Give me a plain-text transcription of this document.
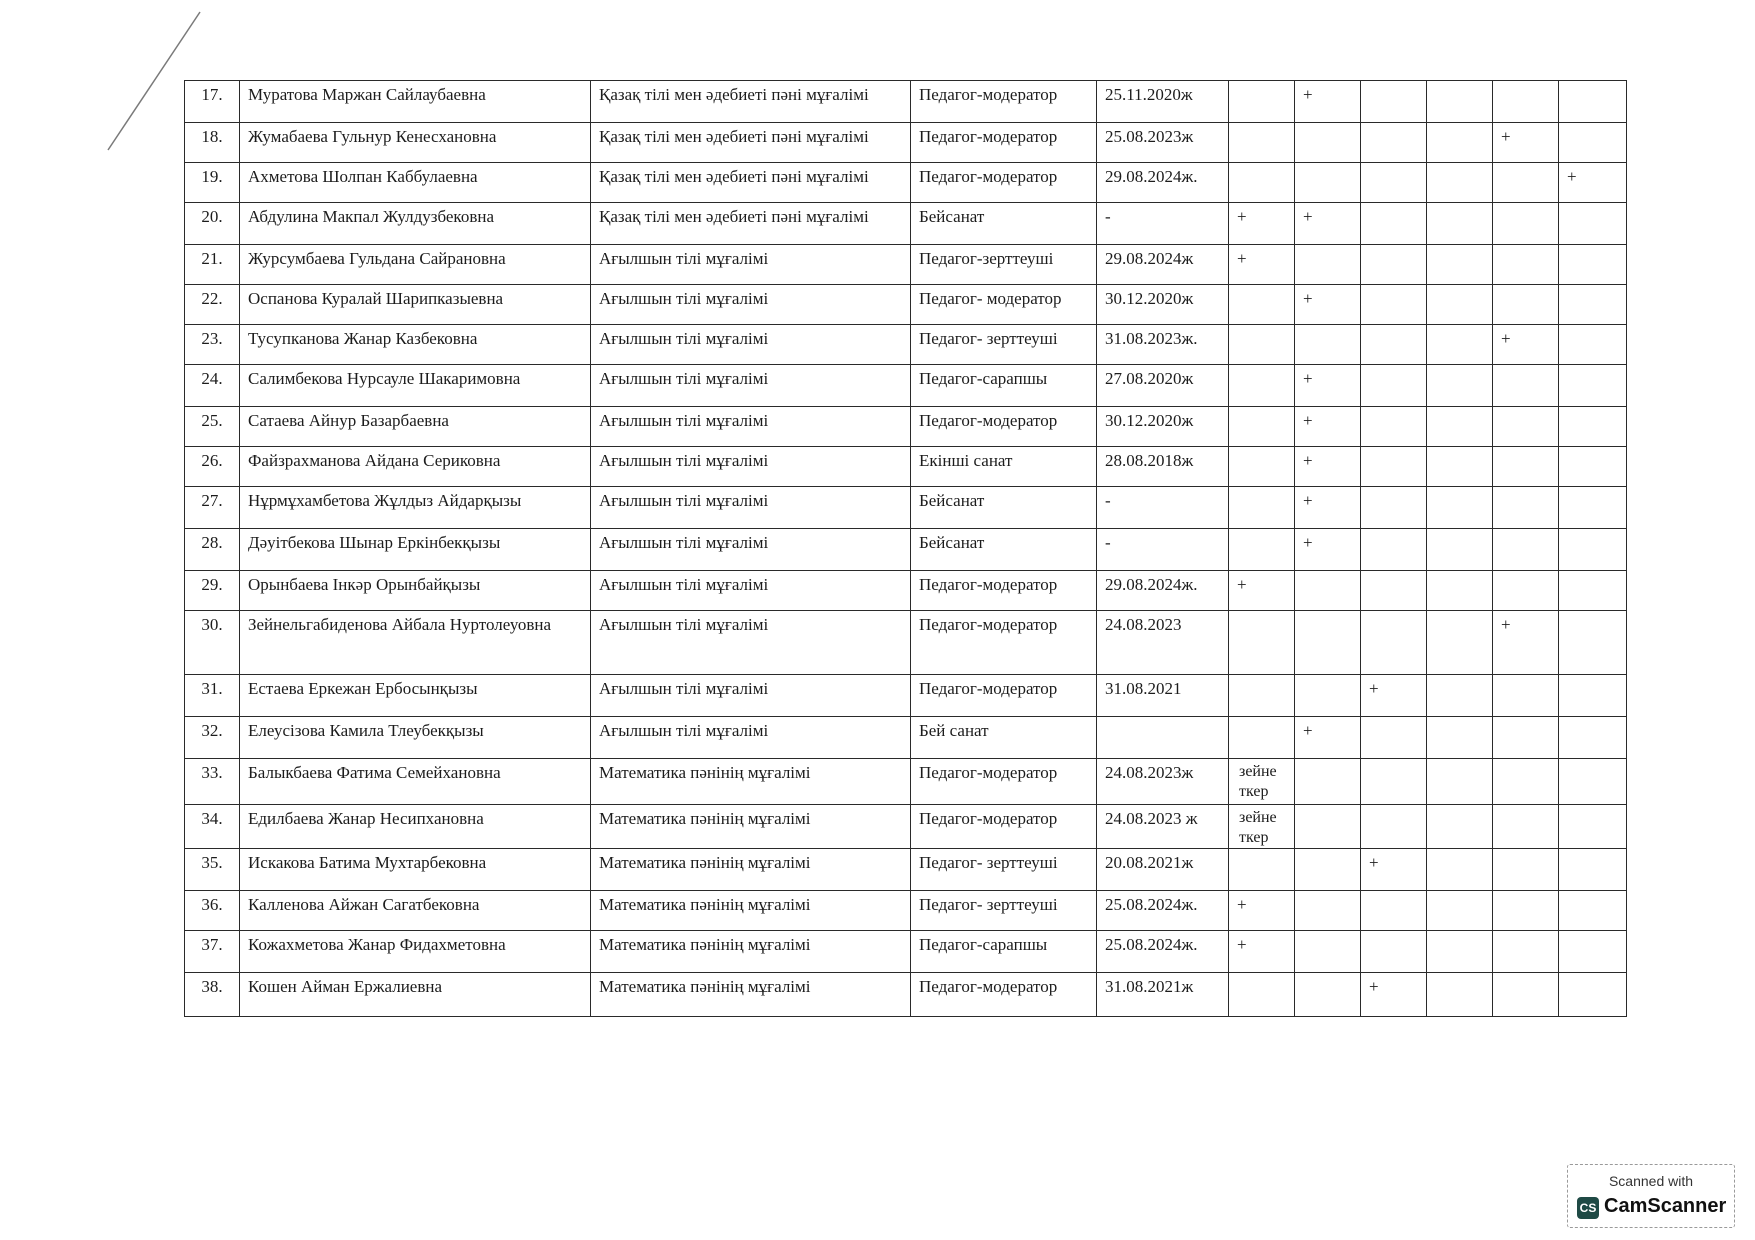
17.	Муратова Маржан Сайлаубаевна	Қазақ тілі мен әдебиеті пәні мұғалімі	Педагог-модератор	25.11.2020ж		+				
18.	Жумабаева Гульнур Кенесхановна	Қазақ тілі мен әдебиеті пәні мұғалімі	Педагог-модератор	25.08.2023ж					+	
19.	Ахметова Шолпан Каббулаевна	Қазақ тілі мен әдебиеті пәні мұғалімі	Педагог-модератор	29.08.2024ж.						+
20.	Абдулина Макпал Жулдузбековна	Қазақ тілі мен әдебиеті пәні мұғалімі	Бейсанат	-	+	+				
21.	Журсумбаева Гульдана Сайрановна	Ағылшын тілі мұғалімі	Педагог-зерттеуші	29.08.2024ж	+					
22.	Оспанова Куралай Шарипказыевна	Ағылшын тілі мұғалімі	Педагог- модератор	30.12.2020ж		+				
23.	Тусупканова Жанар Казбековна	Ағылшын тілі мұғалімі	Педагог- зерттеуші	31.08.2023ж.					+	
24.	Салимбекова Нурсауле Шакаримовна	Ағылшын тілі мұғалімі	Педагог-сарапшы	27.08.2020ж		+				
25.	Сатаева Айнур Базарбаевна	Ағылшын тілі мұғалімі	Педагог-модератор	30.12.2020ж		+				
26.	Файзрахманова Айдана Сериковна	Ағылшын тілі мұғалімі	Екінші санат	28.08.2018ж		+				
27.	Нұрмұхамбетова Жұлдыз Айдарқызы	Ағылшын тілі мұғалімі	Бейсанат	-		+				
28.	Дәуітбекова Шынар Еркінбекқызы	Ағылшын тілі мұғалімі	Бейсанат	-		+				
29.	Орынбаева Інкәр Орынбайқызы	Ағылшын тілі мұғалімі	Педагог-модератор	29.08.2024ж.	+					
30.	Зейнельгабиденова Айбала Нуртолеуовна	Ағылшын тілі мұғалімі	Педагог-модератор	24.08.2023					+	
31.	Естаева Еркежан Ербосынқызы	Ағылшын тілі мұғалімі	Педагог-модератор	31.08.2021			+			
32.	Елеусізова Камила Тлеубекқызы	Ағылшын тілі мұғалімі	Бей санат			+				
33.	Балыкбаева Фатима Семейхановна	Математика пәнінің мұғалімі	Педагог-модератор	24.08.2023ж	зейне ткер					
34.	Едилбаева Жанар Несипхановна	Математика пәнінің мұғалімі	Педагог-модератор	24.08.2023 ж	зейне ткер					
35.	Искакова Батима Мухтарбековна	Математика пәнінің мұғалімі	Педагог- зерттеуші	20.08.2021ж			+			
36.	Калленова Айжан Сагатбековна	Математика пәнінің мұғалімі	Педагог- зерттеуші	25.08.2024ж.	+					
37.	Кожахметова Жанар Фидахметовна	Математика пәнінің мұғалімі	Педагог-сарапшы	25.08.2024ж.	+					
38.	Кошен Айман Ержалиевна	Математика пәнінің мұғалімі	Педагог-модератор	31.08.2021ж			+			
Scanned with
CS CamScanner
